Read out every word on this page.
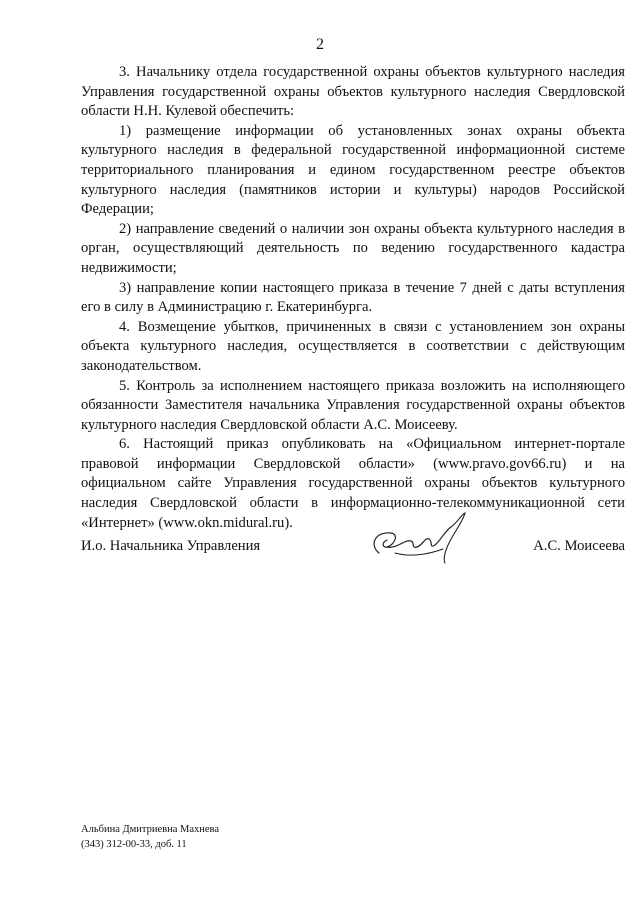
2

3. Начальнику отдела государственной охраны объектов культурного наследия Управления государственной охраны объектов культурного наследия Свердловской области Н.Н. Кулевой обеспечить:

1) размещение информации об установленных зонах охраны объекта культурного наследия в федеральной государственной информационной системе территориального планирования и едином государственном реестре объектов культурного наследия (памятников истории и культуры) народов Российской Федерации;

2) направление сведений о наличии зон охраны объекта культурного наследия в орган, осуществляющий деятельность по ведению государственного кадастра недвижимости;

3) направление копии настоящего приказа в течение 7 дней с даты вступления его в силу в Администрацию г. Екатеринбурга.

4. Возмещение убытков, причиненных в связи с установлением зон охраны объекта культурного наследия, осуществляется в соответствии с действующим законодательством.

5. Контроль за исполнением настоящего приказа возложить на исполняющего обязанности Заместителя начальника Управления государственной охраны объектов культурного наследия Свердловской области А.С. Моисееву.

6. Настоящий приказ опубликовать на «Официальном интернет-портале правовой информации Свердловской области» (www.pravo.gov66.ru) и на официальном сайте Управления государственной охраны объектов культурного наследия Свердловской области в информационно-телекоммуникационной сети «Интернет» (www.okn.midural.ru).

И.о. Начальника Управления	А.С. Моисеева
Альбина Дмитриевна Махнева
(343) 312-00-33, доб. 11
